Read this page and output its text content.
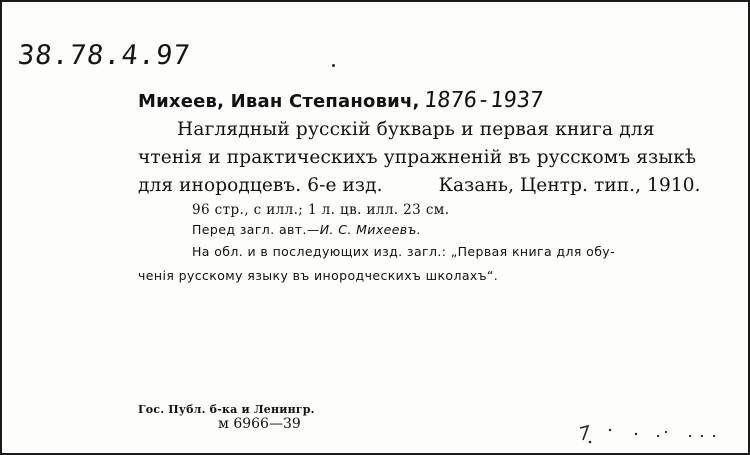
38.78.4.97
Михеев, Иван Степанович, 1876-1937
Наглядный русскій букварь и первая книга для
чтенія и практическихъ упражненій въ русскомъ языкѣ
для инородцевъ. 6-е изд.	Казань, Центр. тип., 1910.
96 стр., с илл.; 1 л. цв. илл. 23 см.
Перед загл. авт.—И. С. Михеевъ.
На обл. и в последующих изд. загл.: „Первая книга для обу-
ченія русскому языку въ инородческихъ школахъ“.
Гос. Публ. б-ка и Ленингр.
м 6966—39
